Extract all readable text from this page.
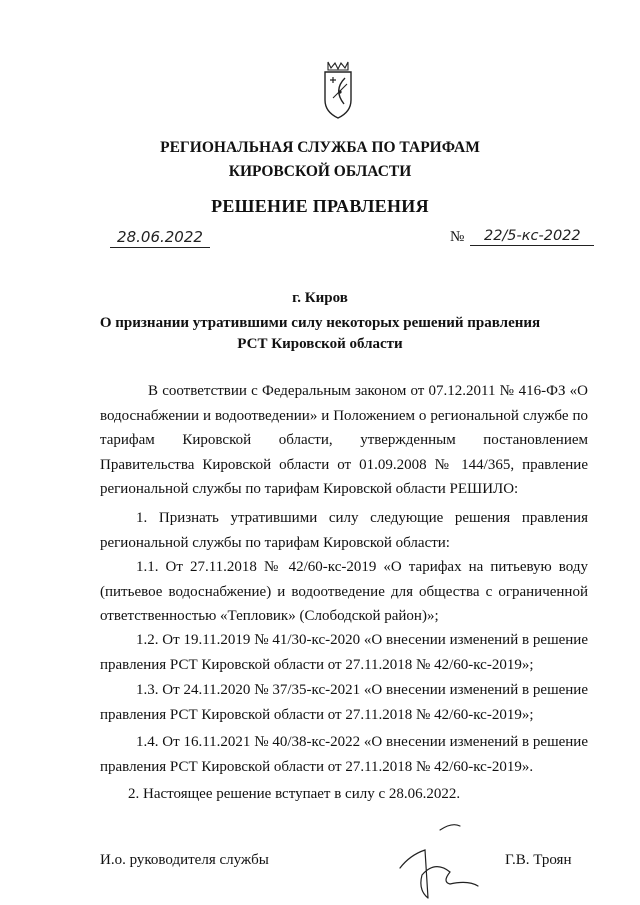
РЕГИОНАЛЬНАЯ СЛУЖБА ПО ТАРИФАМ
КИРОВСКОЙ ОБЛАСТИ
РЕШЕНИЕ ПРАВЛЕНИЯ
28.06.2022	№	22/5-кс-2022
г. Киров
О признании утратившими силу некоторых решений правления
РСТ Кировской области

В соответствии с Федеральным законом от 07.12.2011 № 416-ФЗ «О водоснабжении и водоотведении» и Положением о региональной службе по тарифам Кировской области, утвержденным постановлением Правительства Кировской области от 01.09.2008 № 144/365, правление региональной службы по тарифам Кировской области РЕШИЛО:

1. Признать утратившими силу следующие решения правления региональной службы по тарифам Кировской области:

1.1. От 27.11.2018 № 42/60-кс-2019 «О тарифах на питьевую воду (питьевое водоснабжение) и водоотведение для общества с ограниченной ответственностью «Тепловик» (Слободской район)»;

1.2. От 19.11.2019 № 41/30-кс-2020 «О внесении изменений в решение правления РСТ Кировской области от 27.11.2018 № 42/60-кс-2019»;

1.3. От 24.11.2020 № 37/35-кс-2021 «О внесении изменений в решение правления РСТ Кировской области от 27.11.2018 № 42/60-кс-2019»;

1.4. От 16.11.2021 № 40/38-кс-2022 «О внесении изменений в решение правления РСТ Кировской области от 27.11.2018 № 42/60-кс-2019».

2. Настоящее решение вступает в силу с 28.06.2022.

И.о. руководителя службы	Г.В. Троян
